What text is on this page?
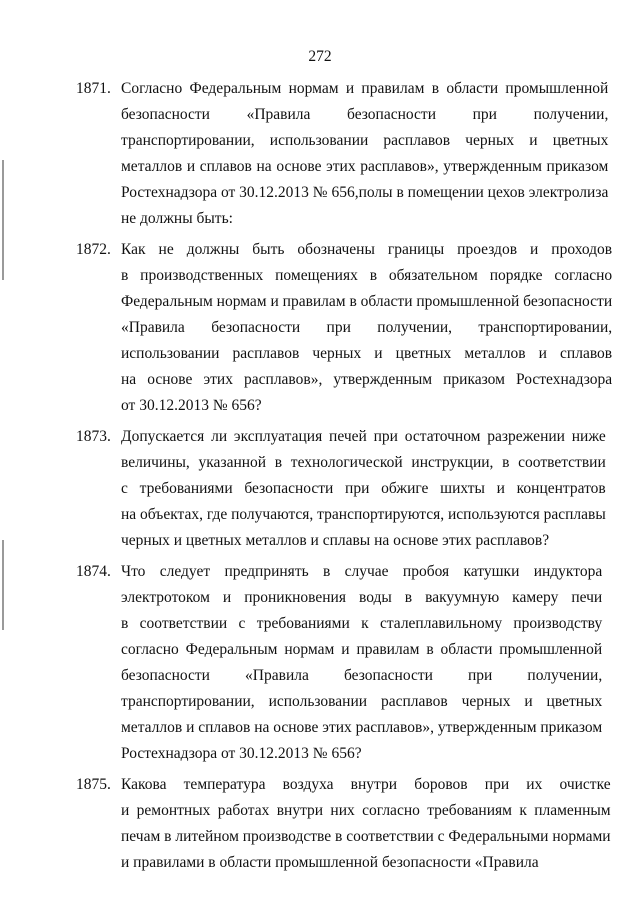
272
1871. Согласно Федеральным нормам и правилам в области промышленной
безопасности «Правила безопасности при получении,
транспортировании, использовании расплавов черных и цветных
металлов и сплавов на основе этих расплавов», утвержденным приказом
Ростехнадзора от 30.12.2013 № 656,полы в помещении цехов электролиза
не должны быть:
1872. Как не должны быть обозначены границы проездов и проходов
в производственных помещениях в обязательном порядке согласно
Федеральным нормам и правилам в области промышленной безопасности
«Правила безопасности при получении, транспортировании,
использовании расплавов черных и цветных металлов и сплавов
на основе этих расплавов», утвержденным приказом Ростехнадзора
от 30.12.2013 № 656?
1873. Допускается ли эксплуатация печей при остаточном разрежении ниже
величины, указанной в технологической инструкции, в соответствии
с требованиями безопасности при обжиге шихты и концентратов
на объектах, где получаются, транспортируются, используются расплавы
черных и цветных металлов и сплавы на основе этих расплавов?
1874. Что следует предпринять в случае пробоя катушки индуктора
электротоком и проникновения воды в вакуумную камеру печи
в соответствии с требованиями к сталеплавильному производству
согласно Федеральным нормам и правилам в области промышленной
безопасности «Правила безопасности при получении,
транспортировании, использовании расплавов черных и цветных
металлов и сплавов на основе этих расплавов», утвержденным приказом
Ростехнадзора от 30.12.2013 № 656?
1875. Какова температура воздуха внутри боровов при их очистке
и ремонтных работах внутри них согласно требованиям к пламенным
печам в литейном производстве в соответствии с Федеральными нормами
и правилами в области промышленной безопасности «Правила
